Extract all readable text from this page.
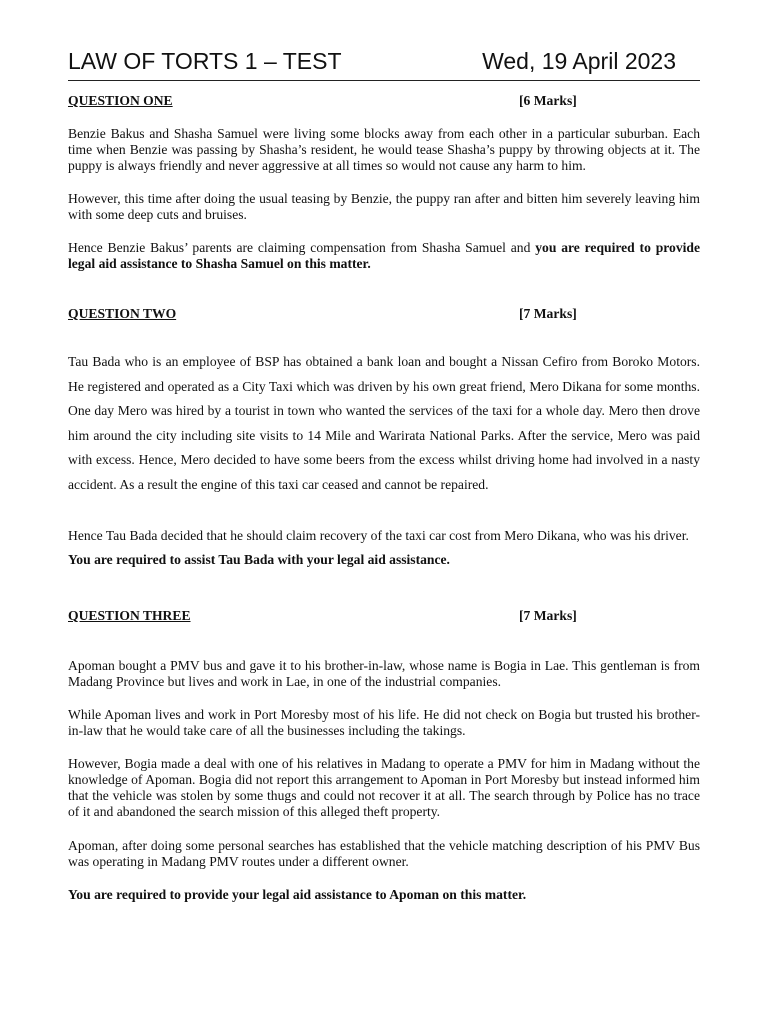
LAW OF TORTS 1 – TEST	Wed, 19 April 2023
QUESTION ONE	[6 Marks]

Benzie Bakus and Shasha Samuel were living some blocks away from each other in a particular suburban. Each time when Benzie was passing by Shasha’s resident, he would tease Shasha’s puppy by throwing objects at it. The puppy is always friendly and never aggressive at all times so would not cause any harm to him.

However, this time after doing the usual teasing by Benzie, the puppy ran after and bitten him severely leaving him with some deep cuts and bruises.

Hence Benzie Bakus’ parents are claiming compensation from Shasha Samuel and you are required to provide legal aid assistance to Shasha Samuel on this matter.

QUESTION TWO	[7 Marks]

Tau Bada who is an employee of BSP has obtained a bank loan and bought a Nissan Cefiro from Boroko Motors. He registered and operated as a City Taxi which was driven by his own great friend, Mero Dikana for some months. One day Mero was hired by a tourist in town who wanted the services of the taxi for a whole day. Mero then drove him around the city including site visits to 14 Mile and Warirata National Parks. After the service, Mero was paid with excess. Hence, Mero decided to have some beers from the excess whilst driving home had involved in a nasty accident. As a result the engine of this taxi car ceased and cannot be repaired.

Hence Tau Bada decided that he should claim recovery of the taxi car cost from Mero Dikana, who was his driver.

You are required to assist Tau Bada with your legal aid assistance.

QUESTION THREE	[7 Marks]

Apoman bought a PMV bus and gave it to his brother-in-law, whose name is Bogia in Lae. This gentleman is from Madang Province but lives and work in Lae, in one of the industrial companies.

While Apoman lives and work in Port Moresby most of his life. He did not check on Bogia but trusted his brother-in-law that he would take care of all the businesses including the takings.

However, Bogia made a deal with one of his relatives in Madang to operate a PMV for him in Madang without the knowledge of Apoman. Bogia did not report this arrangement to Apoman in Port Moresby but instead informed him that the vehicle was stolen by some thugs and could not recover it at all. The search through by Police has no trace of it and abandoned the search mission of this alleged theft property.

Apoman, after doing some personal searches has established that the vehicle matching description of his PMV Bus was operating in Madang PMV routes under a different owner.

You are required to provide your legal aid assistance to Apoman on this matter.
